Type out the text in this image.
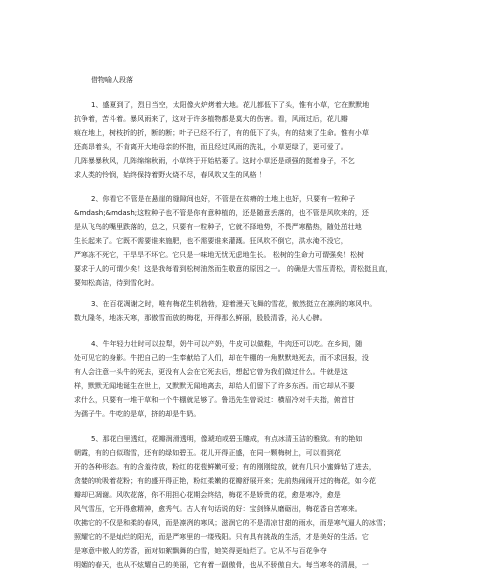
借物喻人段落
1、盛夏到了，烈日当空，太阳像火炉烤着大地。花儿都低下了头，惟有小草，它在默默地
抗争着，苦斗着。暴风雨来了，这对于许多植物都是莫大的伤害。看，风雨过后，花儿瓣
痕在地上，树枝折的折，断的断；叶子已经不行了，有的低下了头，有的结束了生命。惟有小草
还高昂着头，不肯离开大地母亲的怀抱，而且经过风雨的洗礼，小草更绿了，更可爱了。
几阵暴暴秋风，几阵绵绵秋雨，小草终于开始枯萎了。这时小草还是顽强的挺着身子，不乞
求人类的怜悯，始终保持着野火烧不尽，春风吹又生的风格 ！
2、你看它不管是在悬崖的缝隙间也好，不管是在贫瘠的土地上也好，只要有一粒种子
&mdash;&mdash;这粒种子也不管是你有意种植的，还是随意丢落的，也不管是风吹来的，还
是从飞鸟的嘴里跌落的，总之，只要有一粒种子，它就不择地势，不畏严寒酷热，随处茁壮地
生长起来了。它既不需要谁来施肥，也不需要谁来灌溉。狂风吹不倒它，洪水淹不没它，
严寒冻不死它，干旱旱不坏它。它只是一味地无忧无虑地生长。 松树的生命力可谓强矣！松树
要求于人的可谓少矣！这是我每看到松树油然而生敬意的原因之一。 的确是大雪压青松，青松挺且直，
要知松高洁，待到雪化时。
3、在百花凋谢之时，唯有梅花生机勃勃，迎着漫天飞舞的雪花，傲然挺立在凛冽的寒风中。
数九隆冬，地冻天寒，那傲雪而放的梅花，开得那么鲜丽，股股清香，沁人心脾。
4、牛年轻力壮时可以拉犁，奶牛可以产奶，牛皮可以做鞋，牛肉还可以吃。在乡间，随
处可见它的身影。牛把自己的一生奉献给了人们，却在牛棚的一角默默地死去，而不求回报，没
有人会注意一头牛的死去，更没有人会在它死去后，想起它曾为我们做过什么。牛就是这
样，默默无闻地诞生在世上，又默默无闻地离去，却给人们留下了许多东西。而它却从不要
求什么，只要有一堆干草和一个牛棚就足够了。鲁迅先生曾说过：横眉冷对千夫指，俯首甘
为孺子牛。牛吃的是草，挤的却是牛奶。
5、那花白里透红，花瓣润滑透明，像琥珀或碧玉雕成，有点冰清玉洁的雅致。有的艳如
朝霞，有的白似瑞雪，还有的绿如碧玉。花儿开得正盛，在同一颗梅树上，可以看到花
开的各种形态。有的含羞待放，粉红的花苞鲜嫩可爱；有的刚刚绽放，就有几只小蜜蜂钻了进去，
贪婪的吮吸着花粉；有的盛开得正艳，粉红柔嫩的花瓣舒展开来；先前热闹闹开过的梅花，如今花
瓣却已凋谢。风吹花落，你不用担心花期会终结，梅花不是娇贵的花，愈是寒冷，愈是
风气雪压，它开得愈精神，愈秀气。古人有句话说的好：宝剑锋从磨砺出，梅花香自苦寒来。
吹拂它的不仅是和柔的春风，而是凛冽的寒风；滋润它的不是清凉甘甜的雨水，而是寒气逼人的冰雪；
照耀它的不是灿烂的阳光，而是严寒里的一缕残阳。只有具有挑战的生活，才是美好的生活。它
是寒意中傲人的芳香，面对如絮飘舞的白雪，她笑得更灿烂了。它从不与百花争夺
明媚的春天，也从不炫耀自己的美丽，它有着一副傲骨，也从不骄傲自大。每当寒冬的清晨，一
